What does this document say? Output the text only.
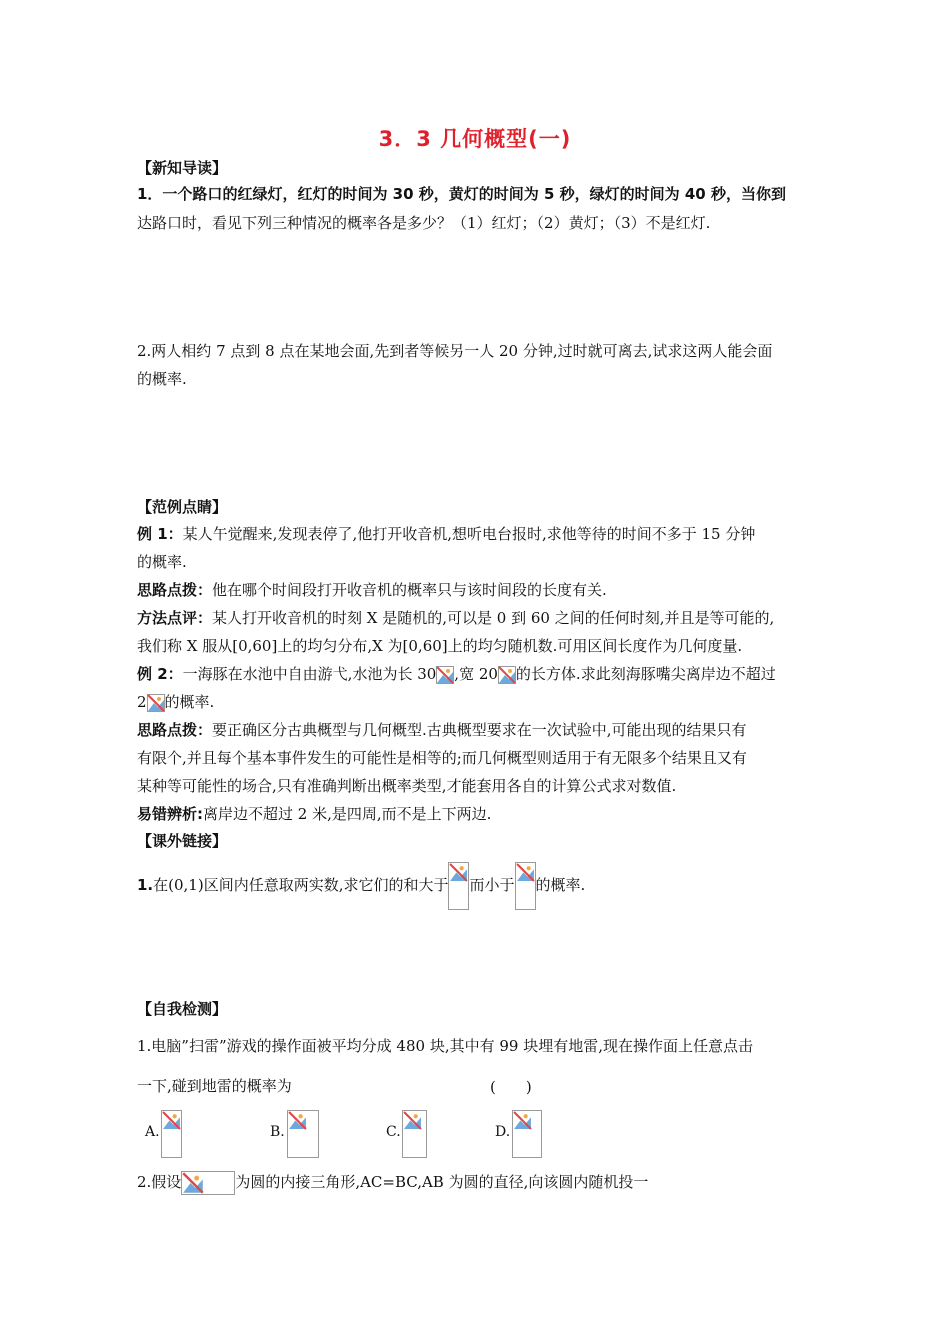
3．3 几何概型(一)
【新知导读】
1．一个路口的红绿灯，红灯的时间为 30 秒，黄灯的时间为 5 秒，绿灯的时间为 40 秒，当你到
达路口时，看见下列三种情况的概率各是多少？（1）红灯；（2）黄灯；（3）不是红灯.
2.两人相约 7 点到 8 点在某地会面,先到者等候另一人 20 分钟,过时就可离去,试求这两人能会面
的概率.
【范例点睛】
例 1：某人午觉醒来,发现表停了,他打开收音机,想听电台报时,求他等待的时间不多于 15 分钟
的概率.
思路点拨：他在哪个时间段打开收音机的概率只与该时间段的长度有关.
方法点评：某人打开收音机的时刻 X 是随机的,可以是 0 到 60 之间的任何时刻,并且是等可能的,
我们称 X 服从[0,60]上的均匀分布,X 为[0,60]上的均匀随机数.可用区间长度作为几何度量.
例 2：一海豚在水池中自由游弋,水池为长 30 ,宽 20 的长方体.求此刻海豚嘴尖离岸边不超过
2 的概率.
思路点拨：要正确区分古典概型与几何概型.古典概型要求在一次试验中,可能出现的结果只有
有限个,并且每个基本事件发生的可能性是相等的;而几何概型则适用于有无限多个结果且又有
某种等可能性的场合,只有准确判断出概率类型,才能套用各自的计算公式求对数值.
易错辨析:离岸边不超过 2 米,是四周,而不是上下两边.
【课外链接】
1.在(0,1)区间内任意取两实数,求它们的和大于 而小于 的概率.
【自我检测】
1.电脑”扫雷”游戏的操作面被平均分成 480 块,其中有 99 块埋有地雷,现在操作面上任意点击
一下,碰到地雷的概率为	(　　)
A.	B.	C.	D.
2.假设	为圆的内接三角形,AC=BC,AB 为圆的直径,向该圆内随机投一
